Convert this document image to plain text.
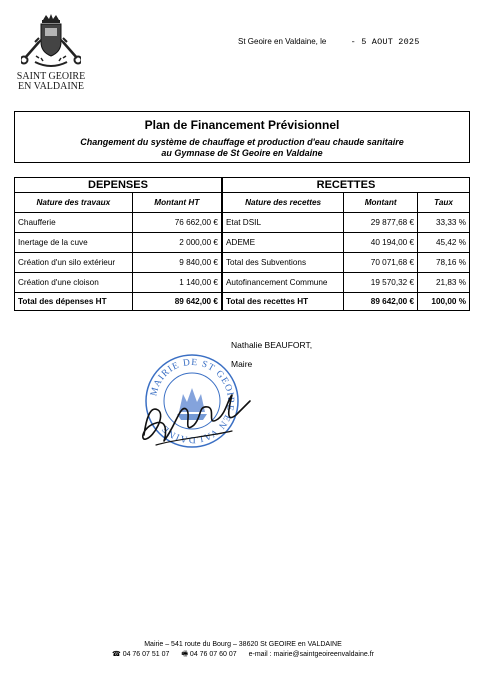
SAINT GEOIRE
EN VALDAINE
St Geoire en Valdaine, le	- 5 AOUT 2025
Plan de Financement Prévisionnel
Changement du système de chauffage et production d'eau chaude sanitaire
au Gymnase de St Geoire en Valdaine
DEPENSES		RECETTES		
Nature des travaux	Montant HT	Nature des recettes	Montant	Taux
Chaufferie	76 662,00 €	Etat DSIL	29 877,68 €	33,33 %
Inertage de la cuve	2 000,00 €	ADEME	40 194,00 €	45,42 %
Création d'un silo extérieur	9 840,00 €	Total des Subventions	70 071,68 €	78,16 %
Création d'une cloison	1 140,00 €	Autofinancement Commune	19 570,32 €	21,83 %
Total des dépenses HT	89 642,00 €	Total des recettes HT	89 642,00 €	100,00 %
Nathalie BEAUFORT,
Maire
MAIRIE DE ST GEOIRE EN VALDAINE
Mairie – 541 route du Bourg – 38620 St GEOIRE en VALDAINE
☎ 04 76 07 51 07 🖷 04 76 07 60 07 e-mail : mairie@saintgeoireenvaldaine.fr
